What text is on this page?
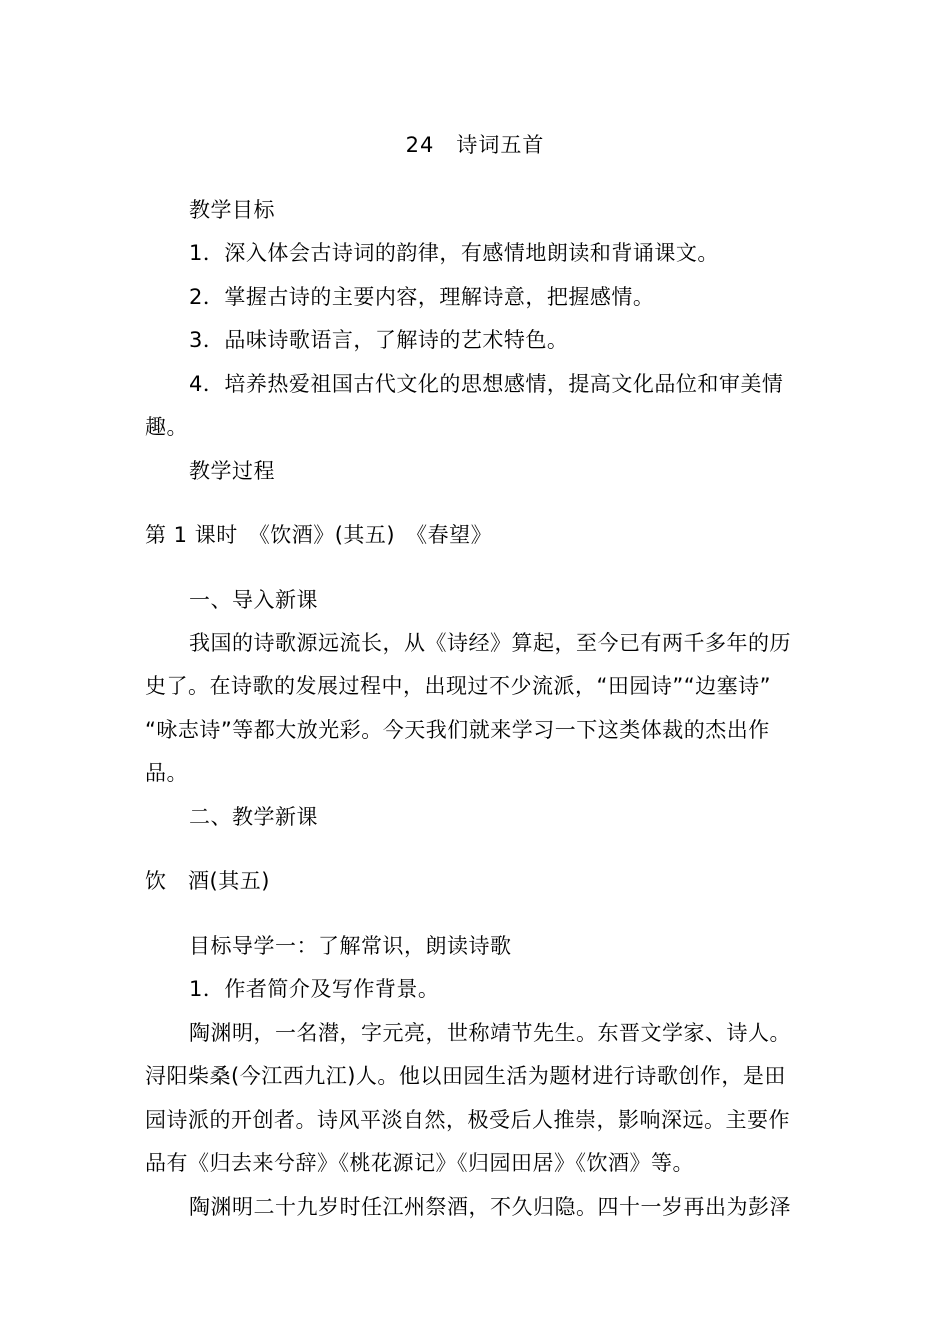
24　诗词五首
教学目标
1．深入体会古诗词的韵律，有感情地朗读和背诵课文。
2．掌握古诗的主要内容，理解诗意，把握感情。
3．品味诗歌语言，了解诗的艺术特色。
4．培养热爱祖国古代文化的思想感情，提高文化品位和审美情
趣。
教学过程
第 1 课时　《饮酒》(其五)　《春望》
一、导入新课
我国的诗歌源远流长，从《诗经》算起，至今已有两千多年的历
史了。在诗歌的发展过程中，出现过不少流派，“田园诗”“边塞诗”
“咏志诗”等都大放光彩。今天我们就来学习一下这类体裁的杰出作
品。
二、教学新课
饮　酒(其五)
目标导学一：了解常识，朗读诗歌
1．作者简介及写作背景。
陶渊明，一名潜，字元亮，世称靖节先生。东晋文学家、诗人。
浔阳柴桑(今江西九江)人。他以田园生活为题材进行诗歌创作，是田
园诗派的开创者。诗风平淡自然，极受后人推崇，影响深远。主要作
品有《归去来兮辞》《桃花源记》《归园田居》《饮酒》等。
陶渊明二十九岁时任江州祭酒，不久归隐。四十一岁再出为彭泽
